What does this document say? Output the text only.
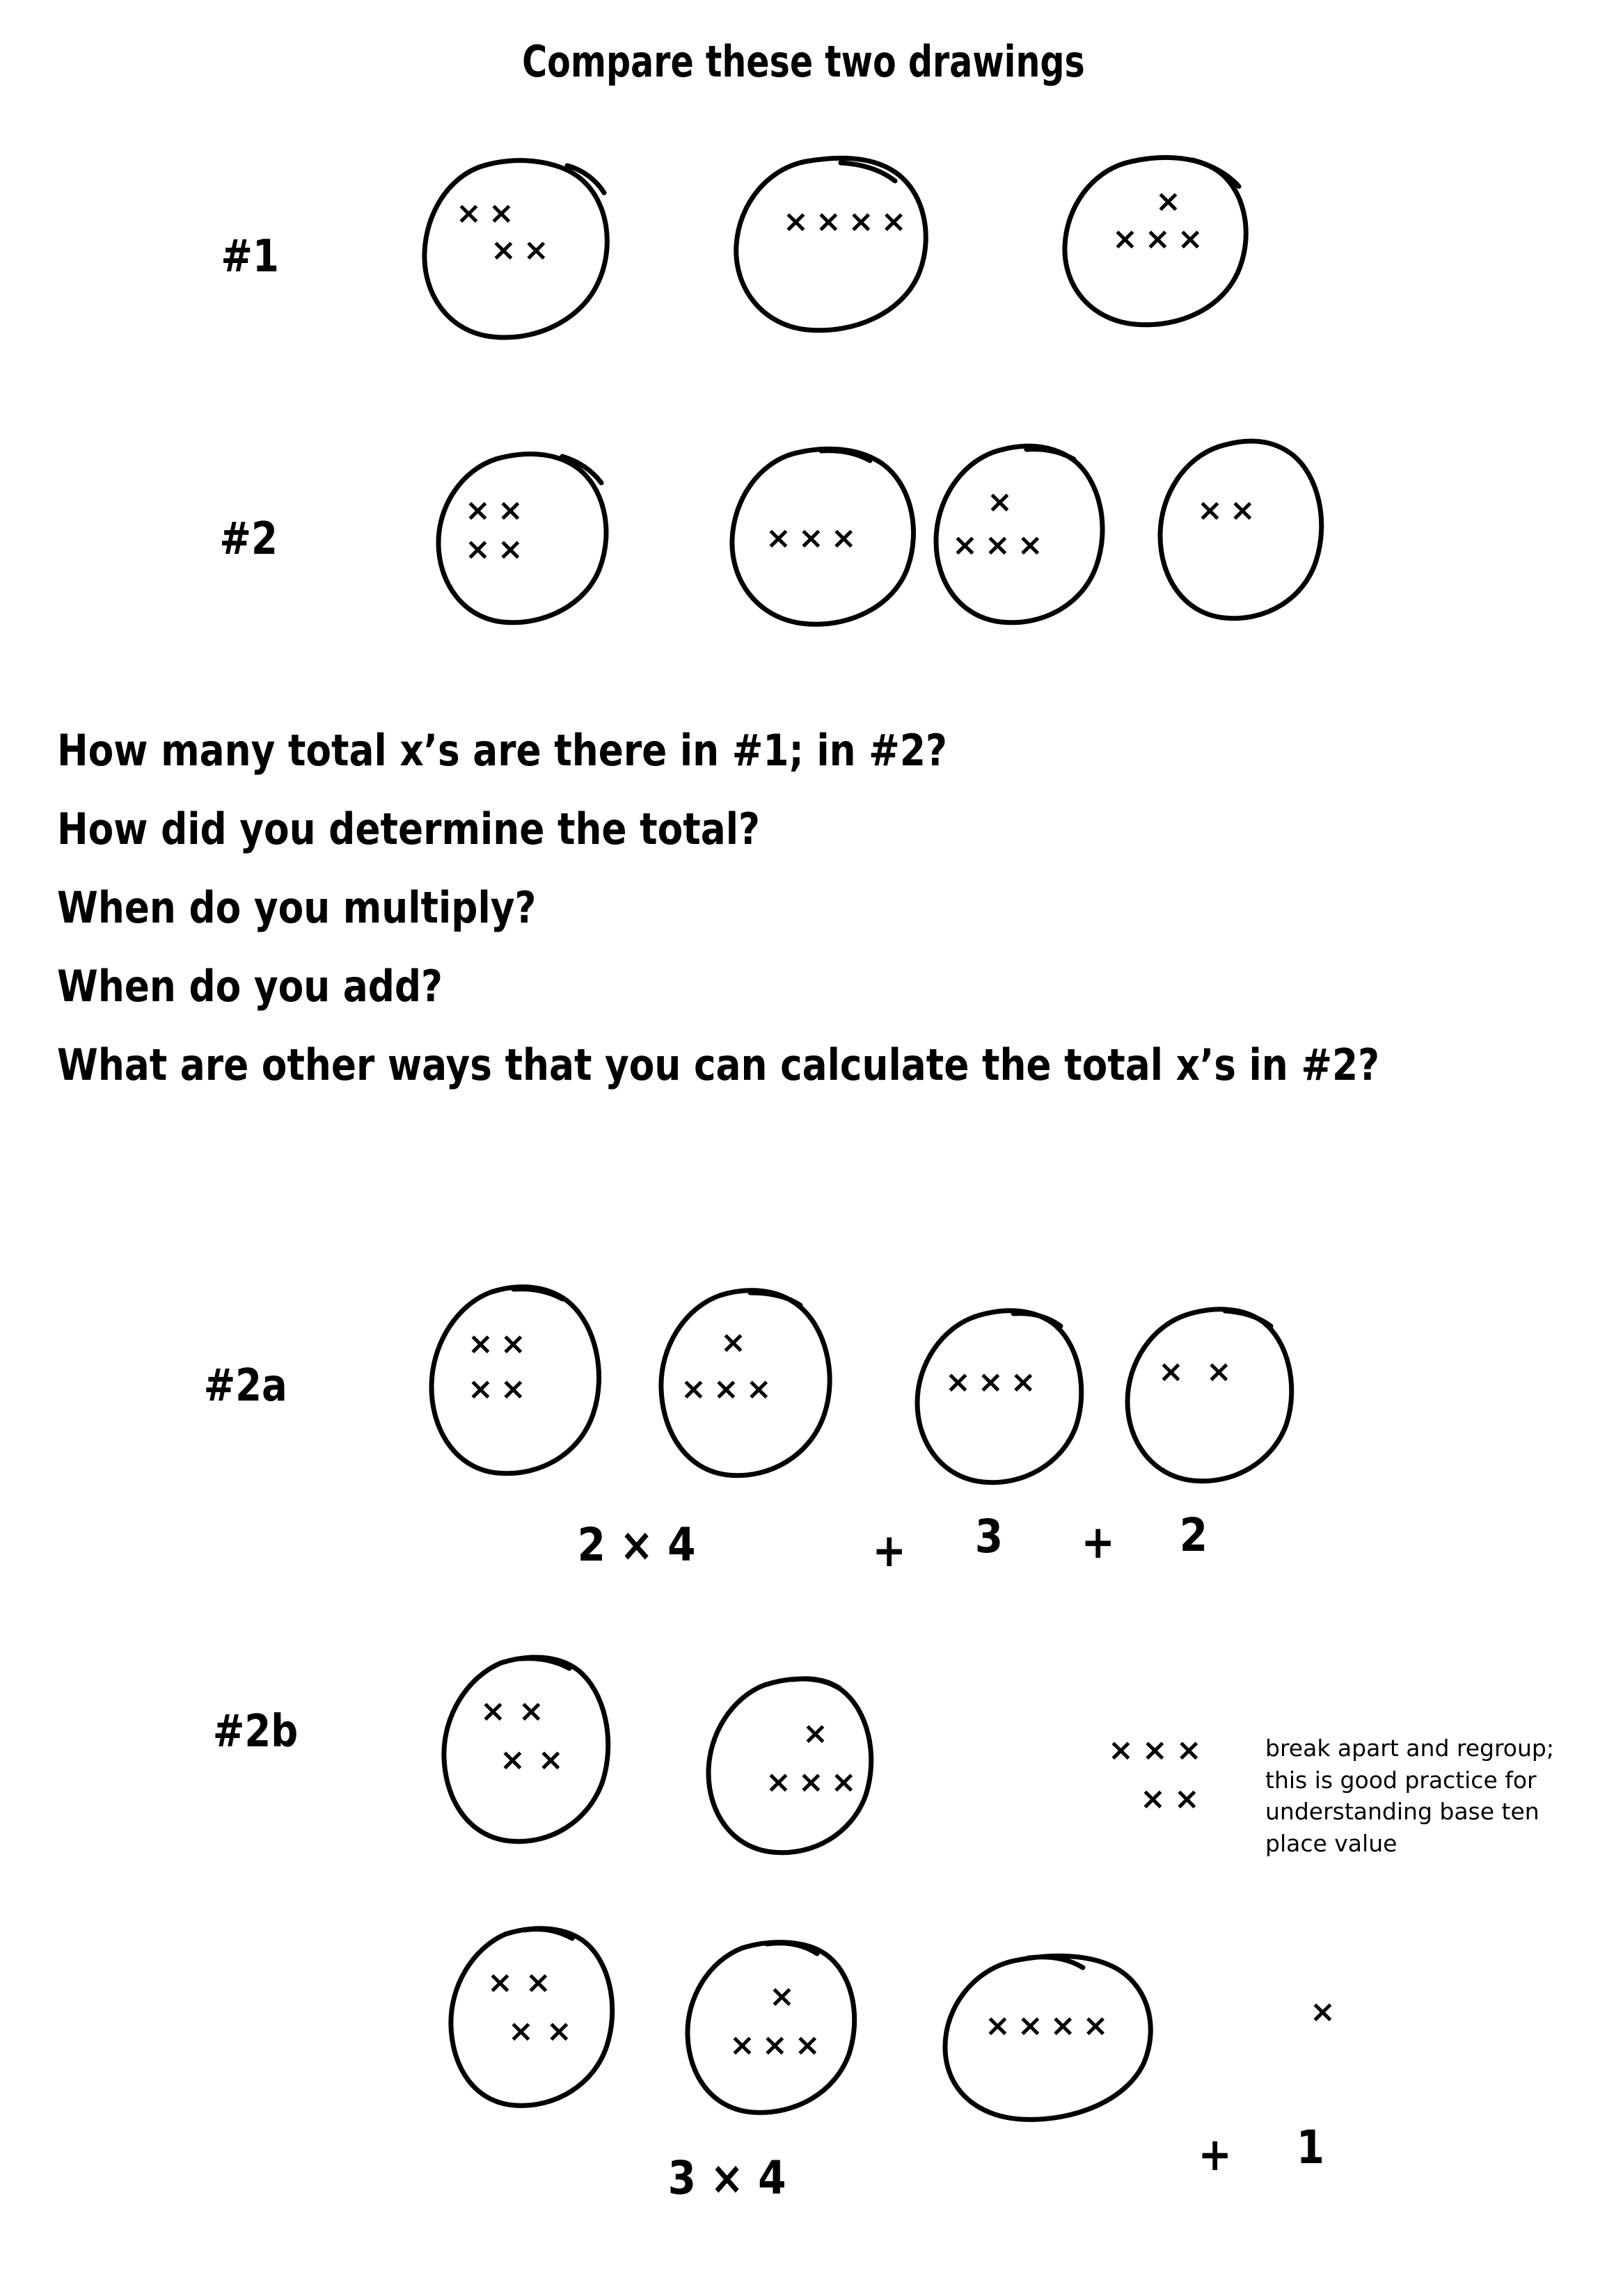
Compare these two drawings
#1
× ×
× ×
× × × ×
×
× × ×
#2
× ×
× ×	× × ×
×
× × ×
× ×
How many total x’s are there in #1; in #2?
How did you determine the total?
When do you multiply?
When do you add?
What are other ways that you can calculate the total x’s in #2?
#2a
× ×
× ×
×
× × ×	× × ×	× ×
2 × 4	+ 3 + 2
#2b	× ×
× ×
×
× × ×
×××
××
break apart and regroup; this is good practice for understanding base ten place value
×
× ×
× ×
×
× × ×
× × × ×
3 × 4	+ 1
